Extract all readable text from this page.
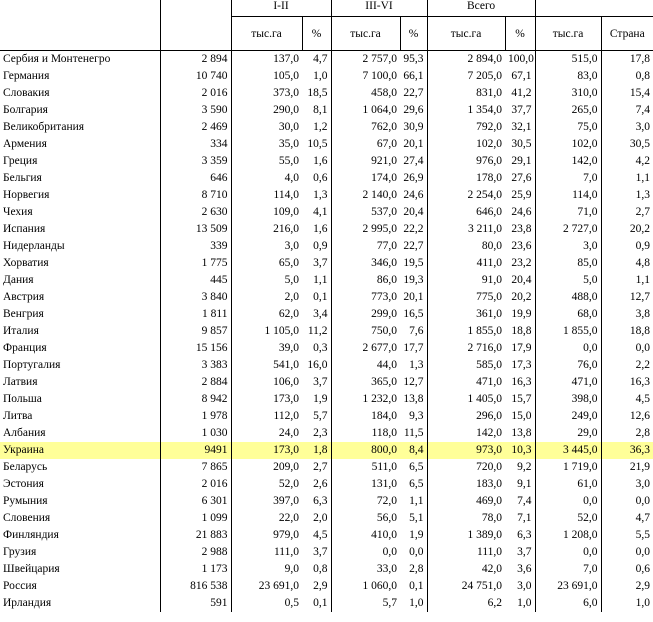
		I-II		III-VI		Всего			
		тыс.га	%	тыс.га	%	тыс.га	%	тыс.га	Страна
Сербия и Монтенегро	2 894	137,0	4,7	2 757,0	95,3	2 894,0	100,0	515,0	17,8
Германия	10 740	105,0	1,0	7 100,0	66,1	7 205,0	67,1	83,0	0,8
Словакия	2 016	373,0	18,5	458,0	22,7	831,0	41,2	310,0	15,4
Болгария	3 590	290,0	8,1	1 064,0	29,6	1 354,0	37,7	265,0	7,4
Великобритания	2 469	30,0	1,2	762,0	30,9	792,0	32,1	75,0	3,0
Армения	334	35,0	10,5	67,0	20,1	102,0	30,5	102,0	30,5
Греция	3 359	55,0	1,6	921,0	27,4	976,0	29,1	142,0	4,2
Бельгия	646	4,0	0,6	174,0	26,9	178,0	27,6	7,0	1,1
Норвегия	8 710	114,0	1,3	2 140,0	24,6	2 254,0	25,9	114,0	1,3
Чехия	2 630	109,0	4,1	537,0	20,4	646,0	24,6	71,0	2,7
Испания	13 509	216,0	1,6	2 995,0	22,2	3 211,0	23,8	2 727,0	20,2
Нидерланды	339	3,0	0,9	77,0	22,7	80,0	23,6	3,0	0,9
Хорватия	1 775	65,0	3,7	346,0	19,5	411,0	23,2	85,0	4,8
Дания	445	5,0	1,1	86,0	19,3	91,0	20,4	5,0	1,1
Австрия	3 840	2,0	0,1	773,0	20,1	775,0	20,2	488,0	12,7
Венгрия	1 811	62,0	3,4	299,0	16,5	361,0	19,9	68,0	3,8
Италия	9 857	1 105,0	11,2	750,0	7,6	1 855,0	18,8	1 855,0	18,8
Франция	15 156	39,0	0,3	2 677,0	17,7	2 716,0	17,9	0,0	0,0
Португалия	3 383	541,0	16,0	44,0	1,3	585,0	17,3	76,0	2,2
Латвия	2 884	106,0	3,7	365,0	12,7	471,0	16,3	471,0	16,3
Польша	8 942	173,0	1,9	1 232,0	13,8	1 405,0	15,7	398,0	4,5
Литва	1 978	112,0	5,7	184,0	9,3	296,0	15,0	249,0	12,6
Албания	1 030	24,0	2,3	118,0	11,5	142,0	13,8	29,0	2,8
Украина	9491	173,0	1,8	800,0	8,4	973,0	10,3	3 445,0	36,3
Беларусь	7 865	209,0	2,7	511,0	6,5	720,0	9,2	1 719,0	21,9
Эстония	2 016	52,0	2,6	131,0	6,5	183,0	9,1	61,0	3,0
Румыния	6 301	397,0	6,3	72,0	1,1	469,0	7,4	0,0	0,0
Словения	1 099	22,0	2,0	56,0	5,1	78,0	7,1	52,0	4,7
Финляндия	21 883	979,0	4,5	410,0	1,9	1 389,0	6,3	1 208,0	5,5
Грузия	2 988	111,0	3,7	0,0	0,0	111,0	3,7	0,0	0,0
Швейцария	1 173	9,0	0,8	33,0	2,8	42,0	3,6	7,0	0,6
Россия	816 538	23 691,0	2,9	1 060,0	0,1	24 751,0	3,0	23 691,0	2,9
Ирландия	591	0,5	0,1	5,7	1,0	6,2	1,0	6,0	1,0
